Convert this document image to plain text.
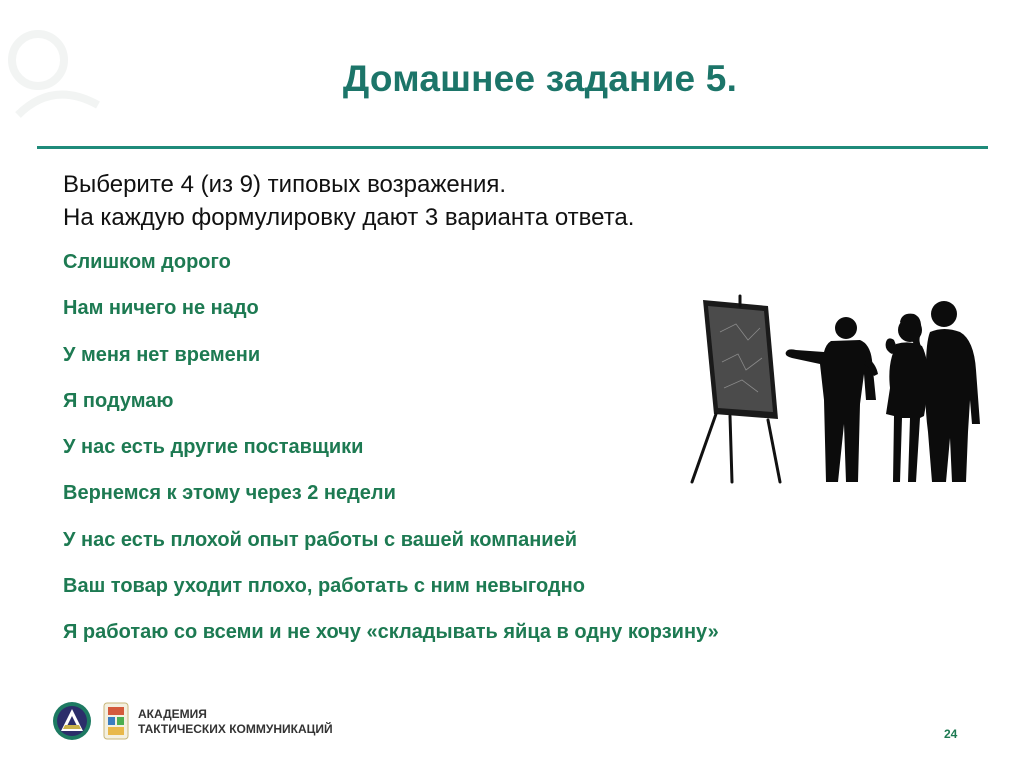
Домашнее задание 5.
Выберите 4 (из 9) типовых возражения.
На каждую формулировку дают 3 варианта ответа.
Слишком дорого
Нам ничего не надо
У меня нет времени
Я подумаю
У нас есть другие поставщики
Вернемся к этому через 2 недели
У нас есть плохой опыт работы с вашей компанией
Ваш товар уходит плохо, работать с ним невыгодно
Я работаю со всеми и не хочу «складывать яйца в одну корзину»
АКАДЕМИЯ
ТАКТИЧЕСКИХ КОММУНИКАЦИЙ	24
